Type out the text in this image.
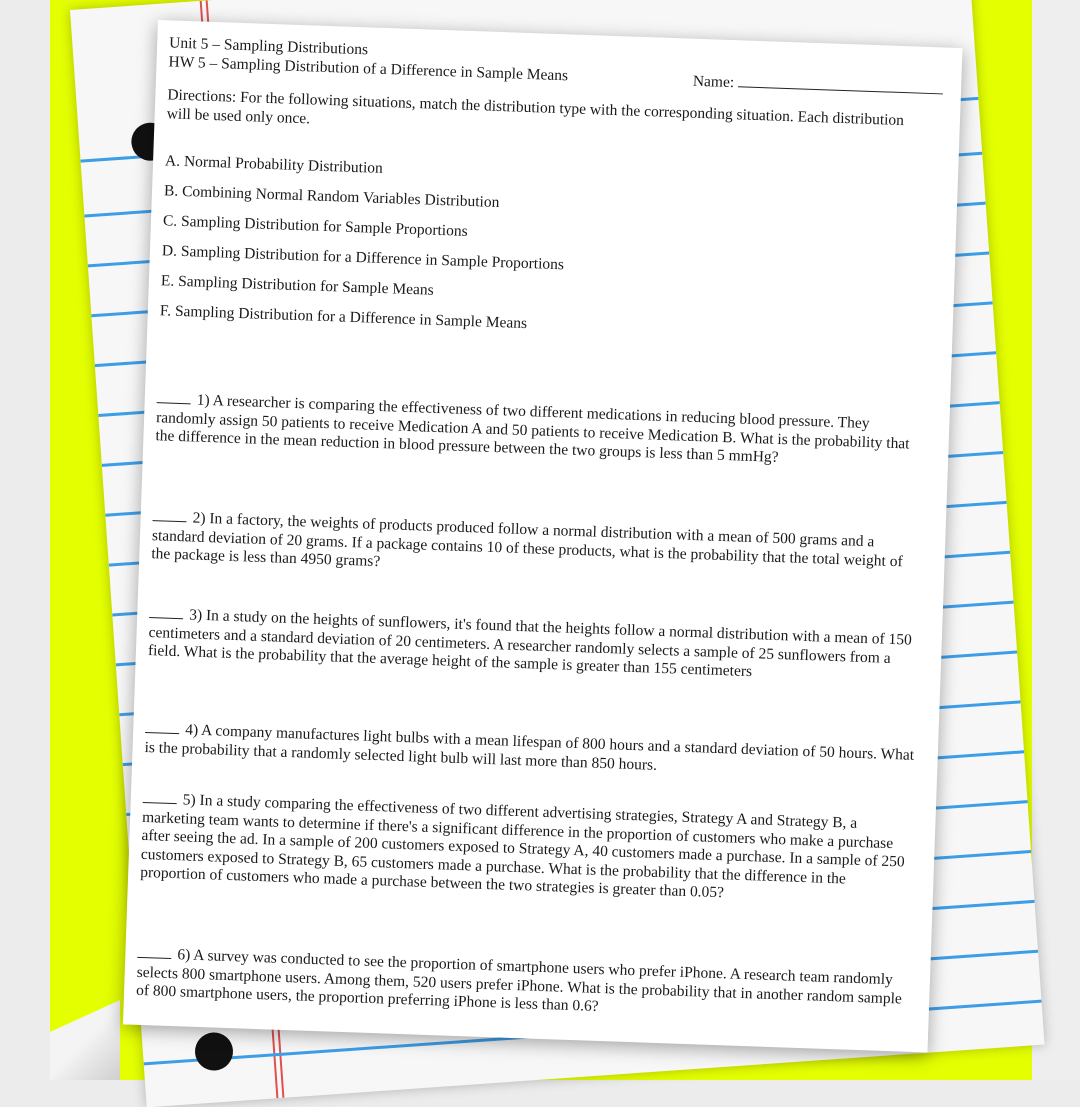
Unit 5 – Sampling Distributions
HW 5 – Sampling Distribution of a Difference in Sample Means	Name:
Directions: For the following situations, match the distribution type with the corresponding situation. Each distribution will be used only once.
A. Normal Probability Distribution
B. Combining Normal Random Variables Distribution
C. Sampling Distribution for Sample Proportions
D. Sampling Distribution for a Difference in Sample Proportions
E. Sampling Distribution for Sample Means
F. Sampling Distribution for a Difference in Sample Means
1) A researcher is comparing the effectiveness of two different medications in reducing blood pressure. They randomly assign 50 patients to receive Medication A and 50 patients to receive Medication B. What is the probability that the difference in the mean reduction in blood pressure between the two groups is less than 5 mmHg?
2) In a factory, the weights of products produced follow a normal distribution with a mean of 500 grams and a standard deviation of 20 grams. If a package contains 10 of these products, what is the probability that the total weight of the package is less than 4950 grams?
3) In a study on the heights of sunflowers, it's found that the heights follow a normal distribution with a mean of 150 centimeters and a standard deviation of 20 centimeters. A researcher randomly selects a sample of 25 sunflowers from a field. What is the probability that the average height of the sample is greater than 155 centimeters
4) A company manufactures light bulbs with a mean lifespan of 800 hours and a standard deviation of 50 hours. What is the probability that a randomly selected light bulb will last more than 850 hours.
5) In a study comparing the effectiveness of two different advertising strategies, Strategy A and Strategy B, a marketing team wants to determine if there's a significant difference in the proportion of customers who make a purchase after seeing the ad. In a sample of 200 customers exposed to Strategy A, 40 customers made a purchase. In a sample of 250 customers exposed to Strategy B, 65 customers made a purchase. What is the probability that the difference in the proportion of customers who made a purchase between the two strategies is greater than 0.05?
6) A survey was conducted to see the proportion of smartphone users who prefer iPhone. A research team randomly selects 800 smartphone users. Among them, 520 users prefer iPhone. What is the probability that in another random sample of 800 smartphone users, the proportion preferring iPhone is less than 0.6?
